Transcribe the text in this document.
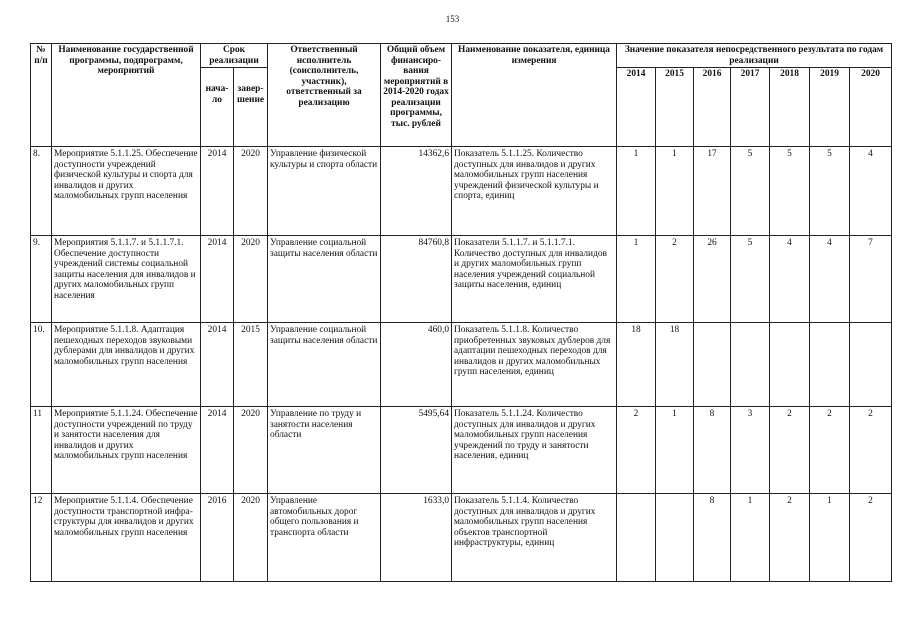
153
№ п/п	Наименование государственной программы, подпрограмм, мероприятий	Срок реализации		Ответственный исполнитель (соисполнитель, участник), ответственный за реализацию	Общий объем финансиро-вания мероприятий в 2014-2020 годах реализации программы, тыс. рублей	Наименование показателя, единица измерения	Значение показателя непосредственного результата по годам реализации						
		нача-ло	завер-шение										
							2014	2015	2016	2017	2018	2019	2020
8.	Мероприятие 5.1.1.25. Обеспечение доступности учреждений физической культуры и спорта для инвалидов и других маломобильных групп населения	2014	2020	Управление физической культуры и спорта области	14362,6	Показатель 5.1.1.25. Количество доступных для инвалидов и других маломобильных групп населения учреждений физической культуры и спорта, единиц	1	1	17	5	5	5	4
9.	Мероприятия 5.1.1.7. и 5.1.1.7.1. Обеспечение доступности учреждений системы социальной защиты населения для инвалидов и других маломобильных групп населения	2014	2020	Управление социальной защиты населения области	84760,8	Показатели 5.1.1.7. и 5.1.1.7.1. Количество доступных для инвалидов и других маломобильных групп населения учреждений социальной защиты населения, единиц	1	2	26	5	4	4	7
10.	Мероприятие 5.1.1.8. Адаптация пешеходных переходов звуковыми дублерами для инвалидов и других маломобильных групп населения	2014	2015	Управление социальной защиты населения области	460,0	Показатель 5.1.1.8. Количество приобретенных звуковых дублеров для адаптации пешеходных переходов для инвалидов и других маломобильных групп населения, единиц	18	18					
11	Мероприятие 5.1.1.24. Обеспечение доступности учреждений по труду и занятости населения для инвалидов и других маломобильных групп населения	2014	2020	Управление по труду и занятости населения области	5495,64	Показатель 5.1.1.24. Количество доступных для инвалидов и других маломобильных групп населения учреждений по труду и занятости населения, единиц	2	1	8	3	2	2	2
12	Мероприятие 5.1.1.4. Обеспечение доступности транспортной инфра-структуры для инвалидов и других маломобильных групп населения	2016	2020	Управление автомобильных дорог общего пользования и транспорта области	1633,0	Показатель 5.1.1.4. Количество доступных для инвалидов и других маломобильных групп населения объектов транспортной инфраструктуры, единиц			8	1	2	1	2
